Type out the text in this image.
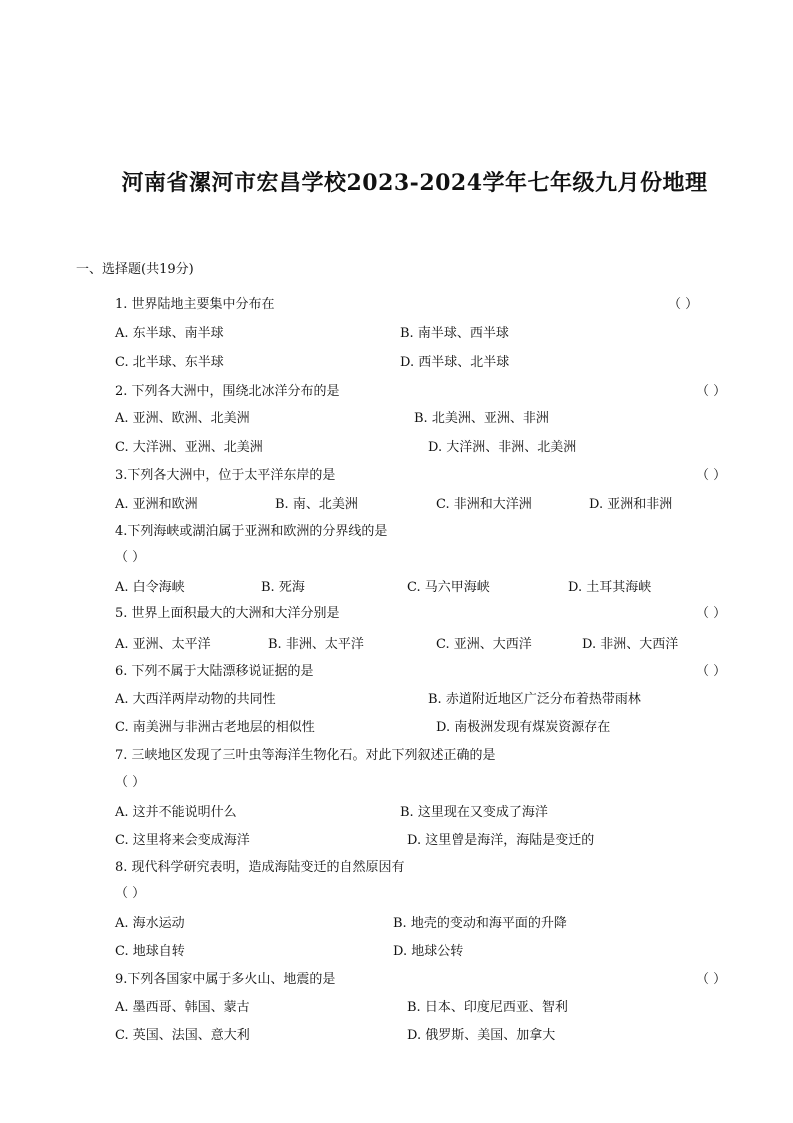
河南省漯河市宏昌学校2023-2024学年七年级九月份地理
一、选择题(共19分)
1. 世界陆地主要集中分布在	（ ）
A. 东半球、南半球	B. 南半球、西半球
C. 北半球、东半球	D. 西半球、北半球
2. 下列各大洲中，围绕北冰洋分布的是	（ ）
A. 亚洲、欧洲、北美洲	B. 北美洲、亚洲、非洲
C. 大洋洲、亚洲、北美洲	D. 大洋洲、非洲、北美洲
3.下列各大洲中，位于太平洋东岸的是	（ ）
A. 亚洲和欧洲	B. 南、北美洲	C. 非洲和大洋洲	D. 亚洲和非洲
4.下列海峡或湖泊属于亚洲和欧洲的分界线的是
（ ）
A. 白令海峡	B. 死海	C. 马六甲海峡	D. 土耳其海峡
5. 世界上面积最大的大洲和大洋分别是	（ ）
A. 亚洲、太平洋	B. 非洲、太平洋	C. 亚洲、大西洋	D. 非洲、大西洋
6. 下列不属于大陆漂移说证据的是	（ ）
A. 大西洋两岸动物的共同性	B. 赤道附近地区广泛分布着热带雨林
C. 南美洲与非洲古老地层的相似性	D. 南极洲发现有煤炭资源存在
7. 三峡地区发现了三叶虫等海洋生物化石。对此下列叙述正确的是
（ ）
A. 这并不能说明什么	B. 这里现在又变成了海洋
C. 这里将来会变成海洋	D. 这里曾是海洋，海陆是变迁的
8. 现代科学研究表明，造成海陆变迁的自然原因有
（ ）
A. 海水运动	B. 地壳的变动和海平面的升降
C. 地球自转	D. 地球公转
9.下列各国家中属于多火山、地震的是	（ ）
A. 墨西哥、韩国、蒙古	B. 日本、印度尼西亚、智利
C. 英国、法国、意大利	D. 俄罗斯、美国、加拿大
